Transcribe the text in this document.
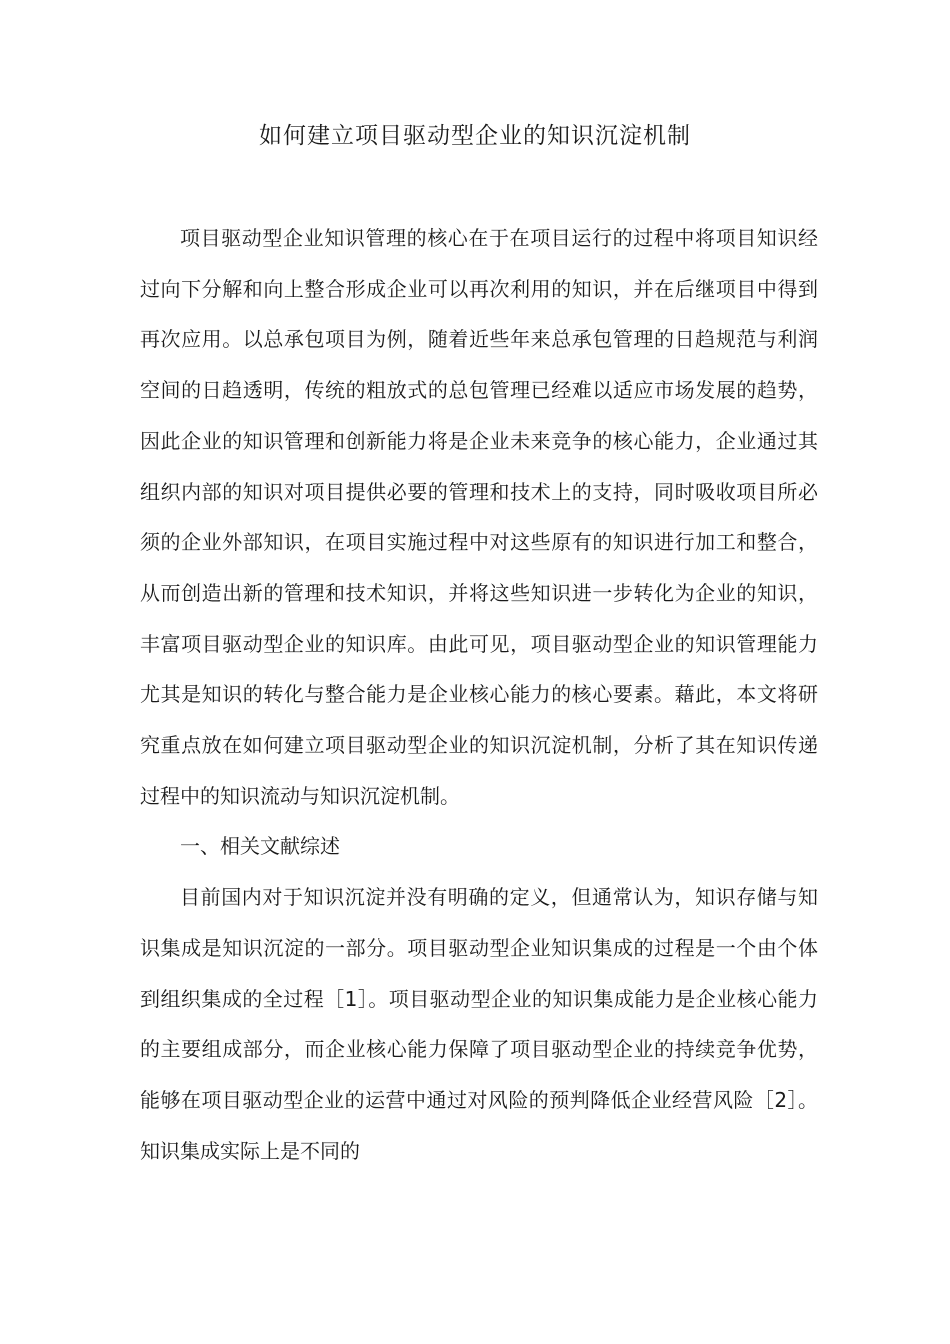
如何建立项目驱动型企业的知识沉淀机制

项目驱动型企业知识管理的核心在于在项目运行的过程中将项目知识经过向下分解和向上整合形成企业可以再次利用的知识，并在后继项目中得到再次应用。以总承包项目为例，随着近些年来总承包管理的日趋规范与利润空间的日趋透明，传统的粗放式的总包管理已经难以适应市场发展的趋势，因此企业的知识管理和创新能力将是企业未来竞争的核心能力，企业通过其组织内部的知识对项目提供必要的管理和技术上的支持，同时吸收项目所必须的企业外部知识，在项目实施过程中对这些原有的知识进行加工和整合，从而创造出新的管理和技术知识，并将这些知识进一步转化为企业的知识，丰富项目驱动型企业的知识库。由此可见，项目驱动型企业的知识管理能力尤其是知识的转化与整合能力是企业核心能力的核心要素。藉此，本文将研究重点放在如何建立项目驱动型企业的知识沉淀机制，分析了其在知识传递过程中的知识流动与知识沉淀机制。

一、相关文献综述

目前国内对于知识沉淀并没有明确的定义，但通常认为，知识存储与知识集成是知识沉淀的一部分。项目驱动型企业知识集成的过程是一个由个体到组织集成的全过程［1］。项目驱动型企业的知识集成能力是企业核心能力的主要组成部分，而企业核心能力保障了项目驱动型企业的持续竞争优势，能够在项目驱动型企业的运营中通过对风险的预判降低企业经营风险［2］。知识集成实际上是不同的
